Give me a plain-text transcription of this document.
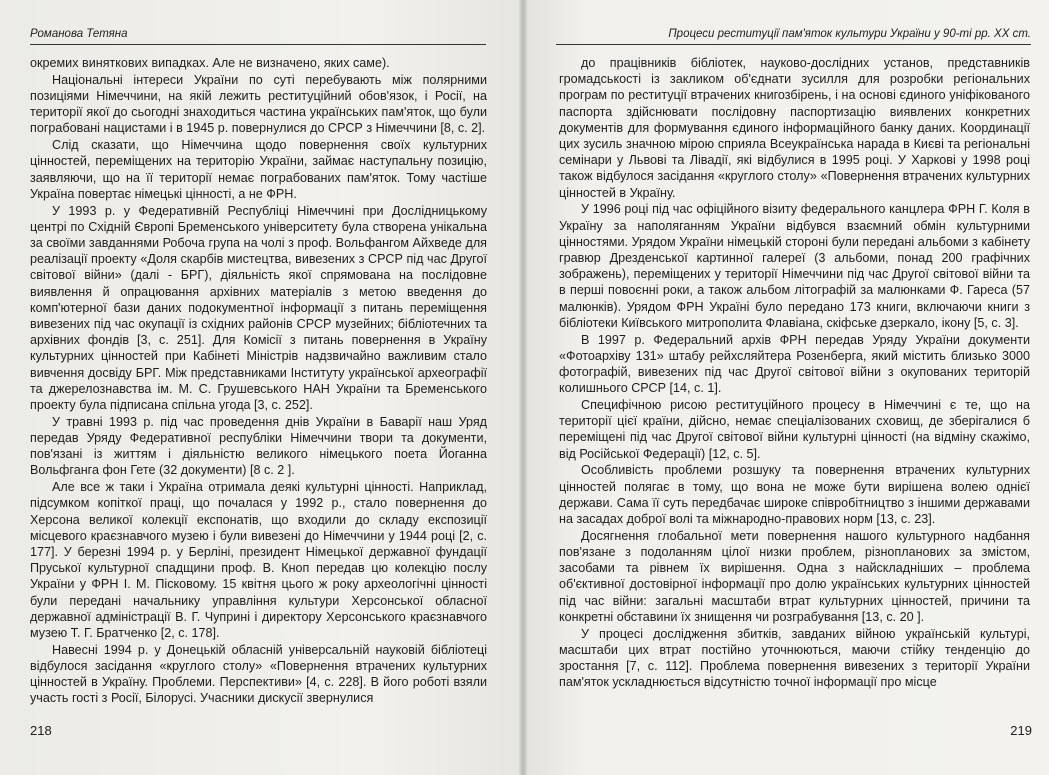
Романова Тетяна

окремих виняткових випадках. Але не визначено, яких саме).

Національні інтереси України по суті перебувають між полярними позиціями Німеччини, на якій лежить реституційний обов'язок, і Росії, на території якої до сьогодні знаходиться частина українських пам'яток, що були пограбовані нацистами і в 1945 р. повернулися до СРСР з Німеччини [8, с. 2].

Слід сказати, що Німеччина щодо повернення своїх культурних цінностей, переміщених на територію України, займає наступальну позицію, заявляючи, що на її території немає пограбованих пам'яток. Тому частіше Україна повертає німецькі цінності, а не ФРН.

У 1993 р. у Федеративній Республіці Німеччині при Дослідницькому центрі по Східній Європі Бременського університету була створена унікальна за своїми завданнями Робоча група на чолі з проф. Вольфангом Айхведе для реалізації проекту «Доля скарбів мистецтва, вивезених з СРСР під час Другої світової війни» (далі - БРГ), діяльність якої спрямована на послідовне виявлення й опрацювання архівних матеріалів з метою введення до комп'ютерної бази даних подокументної інформації з питань переміщення вивезених під час окупації із східних районів СРСР музейних; бібліотечних та архівних фондів [3, с. 251]. Для Комісії з питань повернення в Україну культурних цінностей при Кабінеті Міністрів надзвичайно важливим стало вивчення досвіду БРГ. Між представниками Інституту української археографії та джерелознавства ім. М. С. Грушевського НАН України та Бременського проекту була підписана спільна угода [3, с. 252].

У травні 1993 р. під час проведення днів України в Баварії наш Уряд передав Уряду Федеративної республіки Німеччини твори та документи, пов'язані із життям і діяльністю великого німецького поета Йоганна Вольфганга фон Гете (32 документи) [8 с. 2 ].

Але все ж таки і Україна отримала деякі культурні цінності. Наприклад, підсумком копіткої праці, що почалася у 1992 р., стало повернення до Херсона великої колекції експонатів, що входили до складу експозиції місцевого краєзнавчого музею і були вивезені до Німеччини у 1944 році [2, с. 177]. У березні 1994 р. у Берліні, президент Німецької державної фундації Пруської культурної спадщини проф. В. Кноп передав цю колекцію послу України у ФРН І. М. Пісковому. 15 квітня цього ж року археологічні цінності були передані начальнику управління культури Херсонської обласної державної адміністрації В. Г. Чуприні і директору Херсонського краєзнавчого музею Т. Г. Братченко [2, с. 178].

Навесні 1994 р. у Донецькій обласній універсальній науковій бібліотеці відбулося засідання «круглого столу» «Повернення втрачених культурних цінностей в Україну. Проблеми. Перспективи» [4, с. 228]. В його роботі взяли участь гості з Росії, Білорусі. Учасники дискусії звернулися

218
Процеси реституції пам'яток культури України у 90-ті рр. ХХ ст.

до працівників бібліотек, науково-дослідних установ, представників громадськості із закликом об'єднати зусилля для розробки регіональних програм по реституції втрачених книгозбірень, і на основі єдиного уніфікованого паспорта здійснювати послідовну паспортизацію виявлених конкретних документів для формування єдиного інформаційного банку даних. Координації цих зусиль значною мірою сприяла Всеукраїнська нарада в Києві та регіональні семінари у Львові та Лівадії, які відбулися в 1995 році. У Харкові у 1998 році також відбулося засідання «круглого столу» «Повернення втрачених культурних цінностей в Україну.

У 1996 році під час офіційного візиту федерального канцлера ФРН Г. Коля в Україну за наполяганням України відбувся взаємний обмін культурними цінностями. Урядом України німецькій стороні були передані альбоми з кабінету гравюр Дрезденської картинної галереї (3 альбоми, понад 200 графічних зображень), переміщених у території Німеччини під час Другої світової війни та в перші повоєнні роки, а також альбом літографій за малюнками Ф. Гареса (57 малюнків). Урядом ФРН Україні було передано 173 книги, включаючи книги з бібліотеки Київського митрополита Флавіана, скіфське дзеркало, ікону [5, с. 3].

В 1997 р. Федеральний архів ФРН передав Уряду України документи «Фотоархіву 131» штабу рейхсляйтера Розенберга, який містить близько 3000 фотографій, вивезених під час Другої світової війни з окупованих територій колишнього СРСР [14, с. 1].

Специфічною рисою реституційного процесу в Німеччині є те, що на території цієї країни, дійсно, немає спеціалізованих сховищ, де зберігалися б переміщені під час Другої світової війни культурні цінності (на відміну скажімо, від Російської Федерації) [12, с. 5].

Особливість проблеми розшуку та повернення втрачених культурних цінностей полягає в тому, що вона не може бути вирішена волею однієї держави. Сама її суть передбачає широке співробітництво з іншими державами на засадах доброї волі та міжнародно-правових норм [13, с. 23].

Досягнення глобальної мети повернення нашого культурного надбання пов'язане з подоланням цілої низки проблем, різнопланових за змістом, засобами та рівнем їх вирішення. Одна з найскладніших – проблема об'єктивної достовірної інформації про долю українських культурних цінностей під час війни: загальні масштаби втрат культурних цінностей, причини та конкретні обставини їх знищення чи розграбування [13, с. 20 ].

У процесі дослідження збитків, завданих війною українській культурі, масштаби цих втрат постійно уточнюються, маючи стійку тенденцію до зростання [7, с. 112]. Проблема повернення вивезених з території України пам'яток ускладнюється відсутністю точної інформації про місце

219
